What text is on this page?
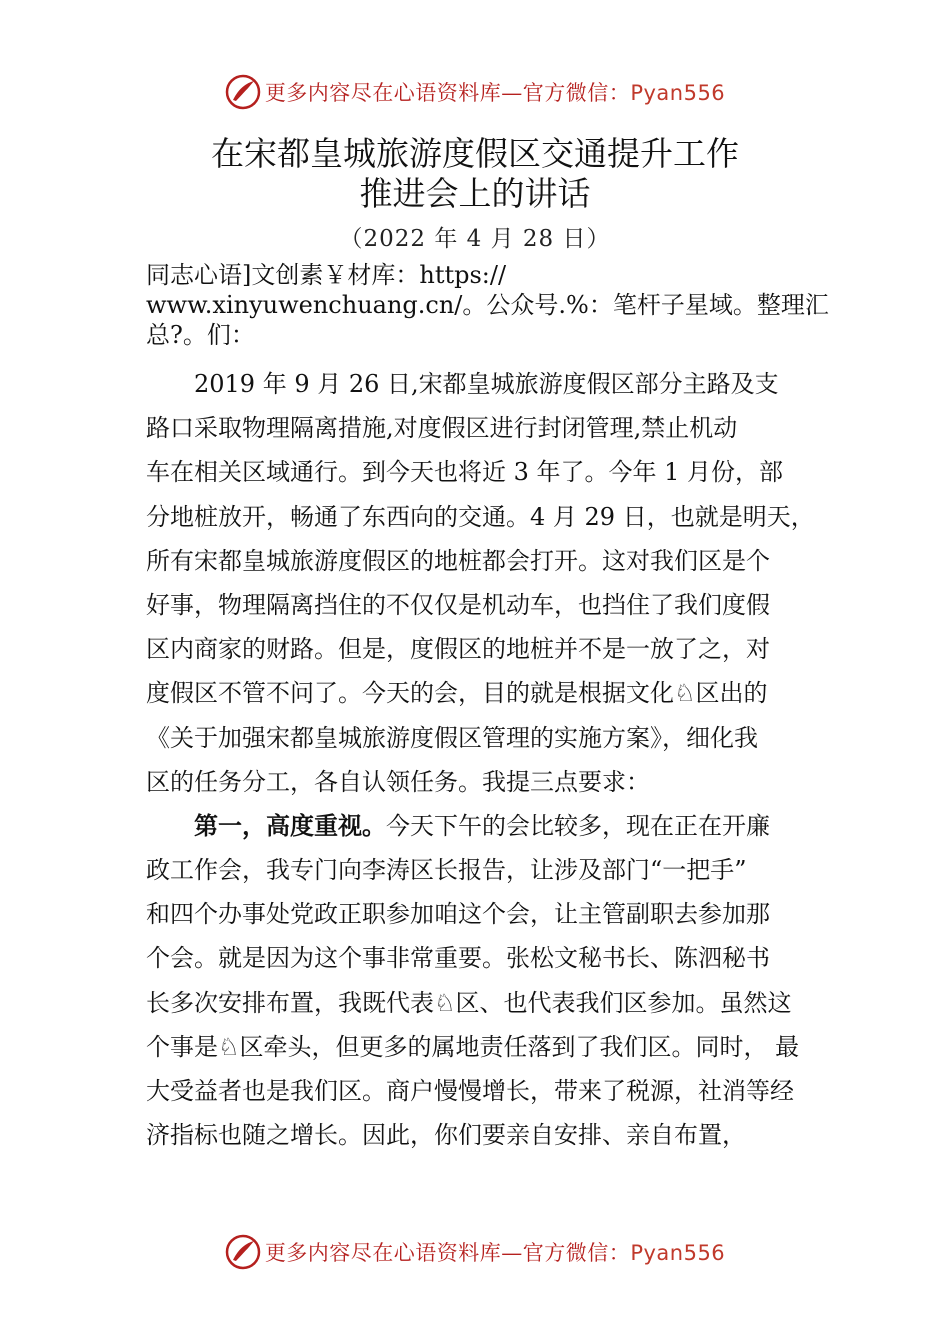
更多内容尽在心语资料库—官方微信：Pyan556
在宋都皇城旅游度假区交通提升工作
推进会上的讲话
（2022 年 4 月 28 日）
同志心语]文创素￥材库：https://
www.xinyuwenchuang.cn/。公众号.%：笔杆子星域。整理汇
总?。们：
2019 年 9 月 26 日,宋都皇城旅游度假区部分主路及支
路口采取物理隔离措施,对度假区进行封闭管理,禁止机动
车在相关区域通行。到今天也将近 3 年了。今年 1 月份，部
分地桩放开，畅通了东西向的交通。4 月 29 日，也就是明天，
所有宋都皇城旅游度假区的地桩都会打开。这对我们区是个
好事，物理隔离挡住的不仅仅是机动车，也挡住了我们度假
区内商家的财路。但是，度假区的地桩并不是一放了之，对
度假区不管不问了。今天的会，目的就是根据文化♘区出的
《关于加强宋都皇城旅游度假区管理的实施方案》，细化我
区的任务分工，各自认领任务。我提三点要求：
第一，高度重视。今天下午的会比较多，现在正在开廉
政工作会，我专门向李涛区长报告，让涉及部门“一把手”
和四个办事处党政正职参加咱这个会，让主管副职去参加那
个会。就是因为这个事非常重要。张松文秘书长、陈泗秘书
长多次安排布置，我既代表♘区、也代表我们区参加。虽然这
个事是♘区牵头，但更多的属地责任落到了我们区。同时， 最
大受益者也是我们区。商户慢慢增长，带来了税源，社消等经
济指标也随之增长。因此，你们要亲自安排、亲自布置，
更多内容尽在心语资料库—官方微信：Pyan556
